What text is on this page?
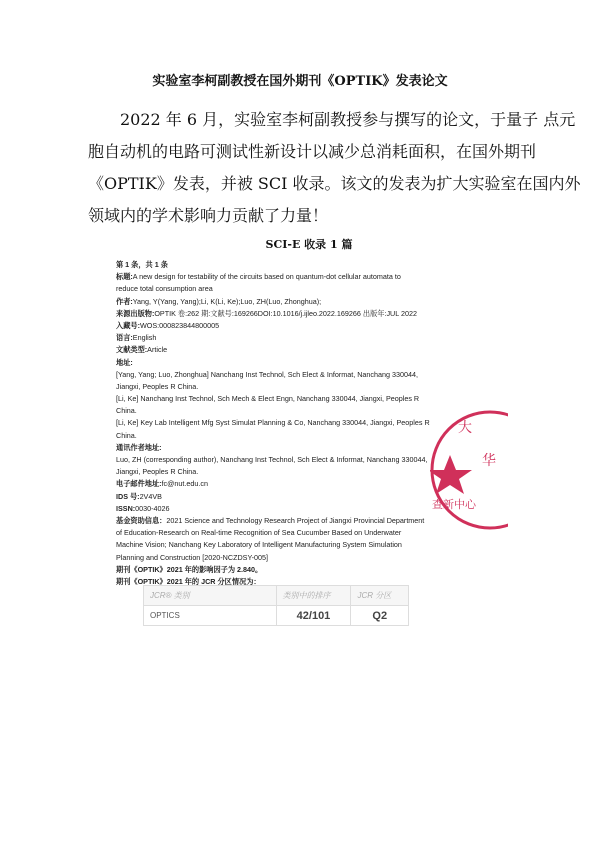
实验室李柯副教授在国外期刊《OPTIK》发表论文
2022 年 6 月，实验室李柯副教授参与撰写的论文，于量子 点元
胞自动机的电路可测试性新设计以减少总消耗面积，在国外期刊
《OPTIK》发表，并被 SCI 收录。该文的发表为扩大实验室在国内外
领域内的学术影响力贡献了力量！
SCI-E 收录 1 篇
第 1 条，共 1 条
标题:A new design for testability of the circuits based on quantum-dot cellular automata to
reduce total consumption area
作者:Yang, Y(Yang, Yang);Li, K(Li, Ke);Luo, ZH(Luo, Zhonghua);
来源出版物:OPTIK 卷:262 期:文献号:169266DOI:10.1016/j.ijleo.2022.169266 出版年:JUL 2022
入藏号:WOS:000823844800005
语言:English
文献类型:Article
地址:
[Yang, Yang; Luo, Zhonghua] Nanchang Inst Technol, Sch Elect & Informat, Nanchang 330044,
Jiangxi, Peoples R China.
[Li, Ke] Nanchang Inst Technol, Sch Mech & Elect Engn, Nanchang 330044, Jiangxi, Peoples R
China.
[Li, Ke] Key Lab Intelligent Mfg Syst Simulat Planning & Co, Nanchang 330044, Jiangxi, Peoples R
China.
通讯作者地址:
Luo, ZH (corresponding author), Nanchang Inst Technol, Sch Elect & Informat, Nanchang 330044,
Jiangxi, Peoples R China.
电子邮件地址:fc@nut.edu.cn
IDS 号:2V4VB
ISSN:0030-4026
基金资助信息：2021 Science and Technology Research Project of Jiangxi Provincial Department
of Education-Research on Real-time Recognition of Sea Cucumber Based on Underwater
Machine Vision; Nanchang Key Laboratory of Intelligent Manufacturing System Simulation
Planning and Construction [2020-NCZDSY-005]
期刊《OPTIK》2021 年的影响因子为 2.840。
期刊《OPTIK》2021 年的 JCR 分区情况为：
JCR® 类别	类别中的排序	JCR 分区
OPTICS	42/101	Q2
大
华
查新中心
